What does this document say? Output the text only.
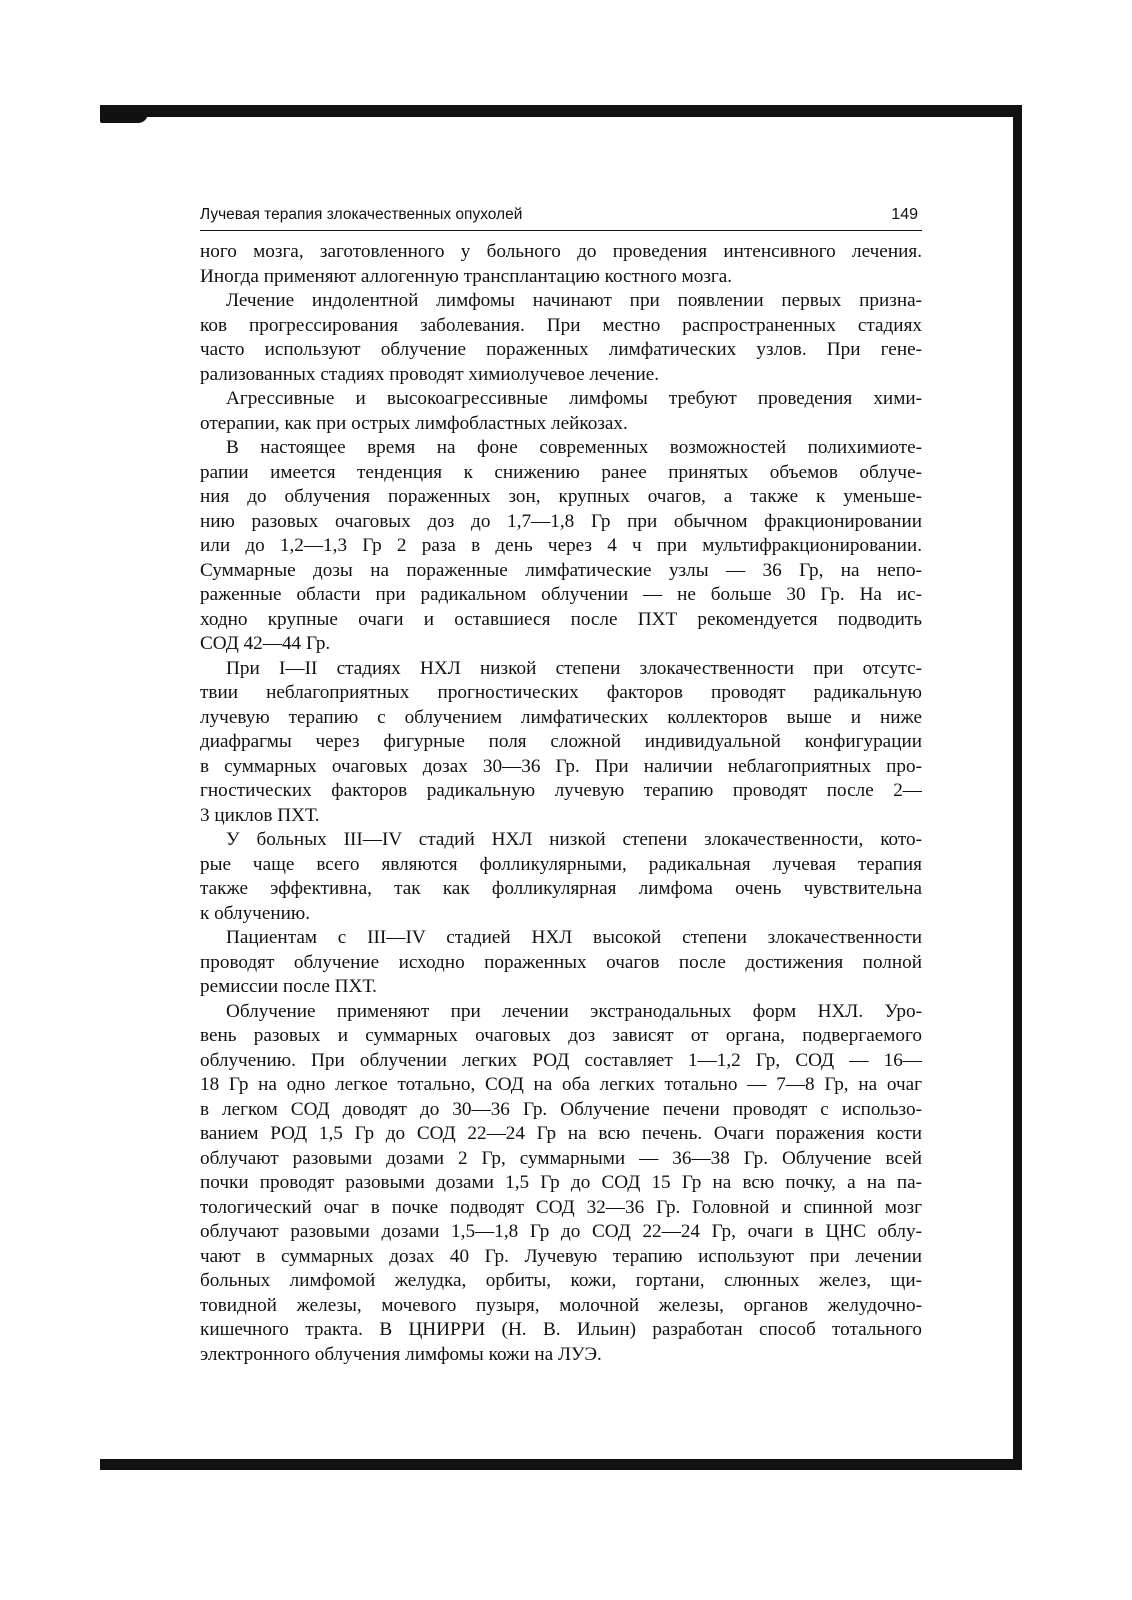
Лучевая терапия злокачественных опухолей	149
ного мозга, заготовленного у больного до проведения интенсивного лечения.
Иногда применяют аллогенную трансплантацию костного мозга.
Лечение индолентной лимфомы начинают при появлении первых призна-
ков прогрессирования заболевания. При местно распространенных стадиях
часто используют облучение пораженных лимфатических узлов. При гене-
рализованных стадиях проводят химиолучевое лечение.
Агрессивные и высокоагрессивные лимфомы требуют проведения хими-
отерапии, как при острых лимфобластных лейкозах.
В настоящее время на фоне современных возможностей полихимиоте-
рапии имеется тенденция к снижению ранее принятых объемов облуче-
ния до облучения пораженных зон, крупных очагов, а также к уменьше-
нию разовых очаговых доз до 1,7—1,8 Гр при обычном фракционировании
или до 1,2—1,3 Гр 2 раза в день через 4 ч при мультифракционировании.
Суммарные дозы на пораженные лимфатические узлы — 36 Гр, на непо-
раженные области при радикальном облучении — не больше 30 Гр. На ис-
ходно крупные очаги и оставшиеся после ПХТ рекомендуется подводить
СОД 42—44 Гр.
При I—II стадиях НХЛ низкой степени злокачественности при отсутс-
твии неблагоприятных прогностических факторов проводят радикальную
лучевую терапию с облучением лимфатических коллекторов выше и ниже
диафрагмы через фигурные поля сложной индивидуальной конфигурации
в суммарных очаговых дозах 30—36 Гр. При наличии неблагоприятных про-
гностических факторов радикальную лучевую терапию проводят после 2—
3 циклов ПХТ.
У больных III—IV стадий НХЛ низкой степени злокачественности, кото-
рые чаще всего являются фолликулярными, радикальная лучевая терапия
также эффективна, так как фолликулярная лимфома очень чувствительна
к облучению.
Пациентам с III—IV стадией НХЛ высокой степени злокачественности
проводят облучение исходно пораженных очагов после достижения полной
ремиссии после ПХТ.
Облучение применяют при лечении экстранодальных форм НХЛ. Уро-
вень разовых и суммарных очаговых доз зависят от органа, подвергаемого
облучению. При облучении легких РОД составляет 1—1,2 Гр, СОД — 16—
18 Гр на одно легкое тотально, СОД на оба легких тотально — 7—8 Гр, на очаг
в легком СОД доводят до 30—36 Гр. Облучение печени проводят с использо-
ванием РОД 1,5 Гр до СОД 22—24 Гр на всю печень. Очаги поражения кости
облучают разовыми дозами 2 Гр, суммарными — 36—38 Гр. Облучение всей
почки проводят разовыми дозами 1,5 Гр до СОД 15 Гр на всю почку, а на па-
тологический очаг в почке подводят СОД 32—36 Гр. Головной и спинной мозг
облучают разовыми дозами 1,5—1,8 Гр до СОД 22—24 Гр, очаги в ЦНС облу-
чают в суммарных дозах 40 Гр. Лучевую терапию используют при лечении
больных лимфомой желудка, орбиты, кожи, гортани, слюнных желез, щи-
товидной железы, мочевого пузыря, молочной железы, органов желудочно-
кишечного тракта. В ЦНИРРИ (Н. В. Ильин) разработан способ тотального
электронного облучения лимфомы кожи на ЛУЭ.
